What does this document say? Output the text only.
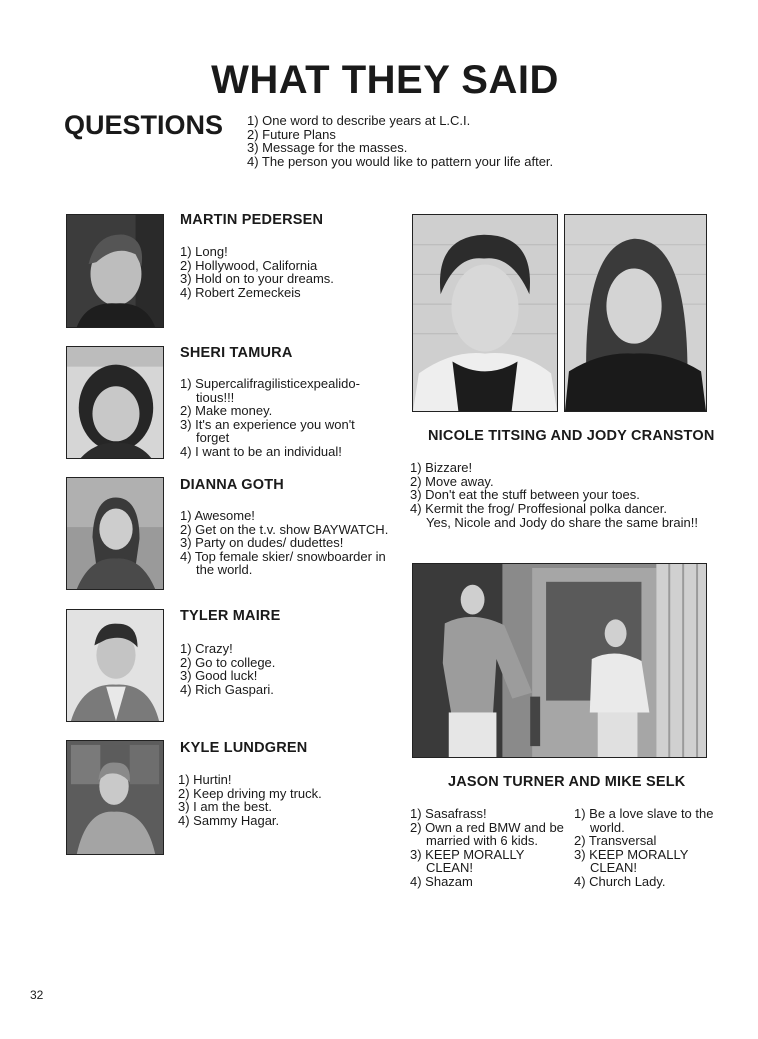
WHAT THEY SAID
QUESTIONS 1) One word to describe years at L.C.I.
2) Future Plans
3) Message for the masses.
4) The person you would like to pattern your life after.
MARTIN PEDERSEN
1) Long!
2) Hollywood, California
3) Hold on to your dreams.
4) Robert Zemeckeis
SHERI TAMURA
1) Supercalifragilisticexpealido- tious!!!
2) Make money.
3) It's an experience you won't forget
4) I want to be an individual!
DIANNA GOTH
1) Awesome!
2) Get on the t.v. show BAYWATCH.
3) Party on dudes/ dudettes!
4) Top female skier/ snowboarder in the world.
TYLER MAIRE
1) Crazy!
2) Go to college.
3) Good luck!
4) Rich Gaspari.
KYLE LUNDGREN
1) Hurtin!
2) Keep driving my truck.
3) I am the best.
4) Sammy Hagar.
NICOLE TITSING AND JODY CRANSTON
1) Bizzare!
2) Move away.
3) Don't eat the stuff between your toes.
4) Kermit the frog/ Proffesional polka dancer.
Yes, Nicole and Jody do share the same brain!!
JASON TURNER AND MIKE SELK
1) Sasafrass!
2) Own a red BMW and be married with 6 kids.
3) KEEP MORALLY CLEAN!
4) Shazam
1) Be a love slave to the world.
2) Transversal
3) KEEP MORALLY CLEAN!
4) Church Lady.
32
